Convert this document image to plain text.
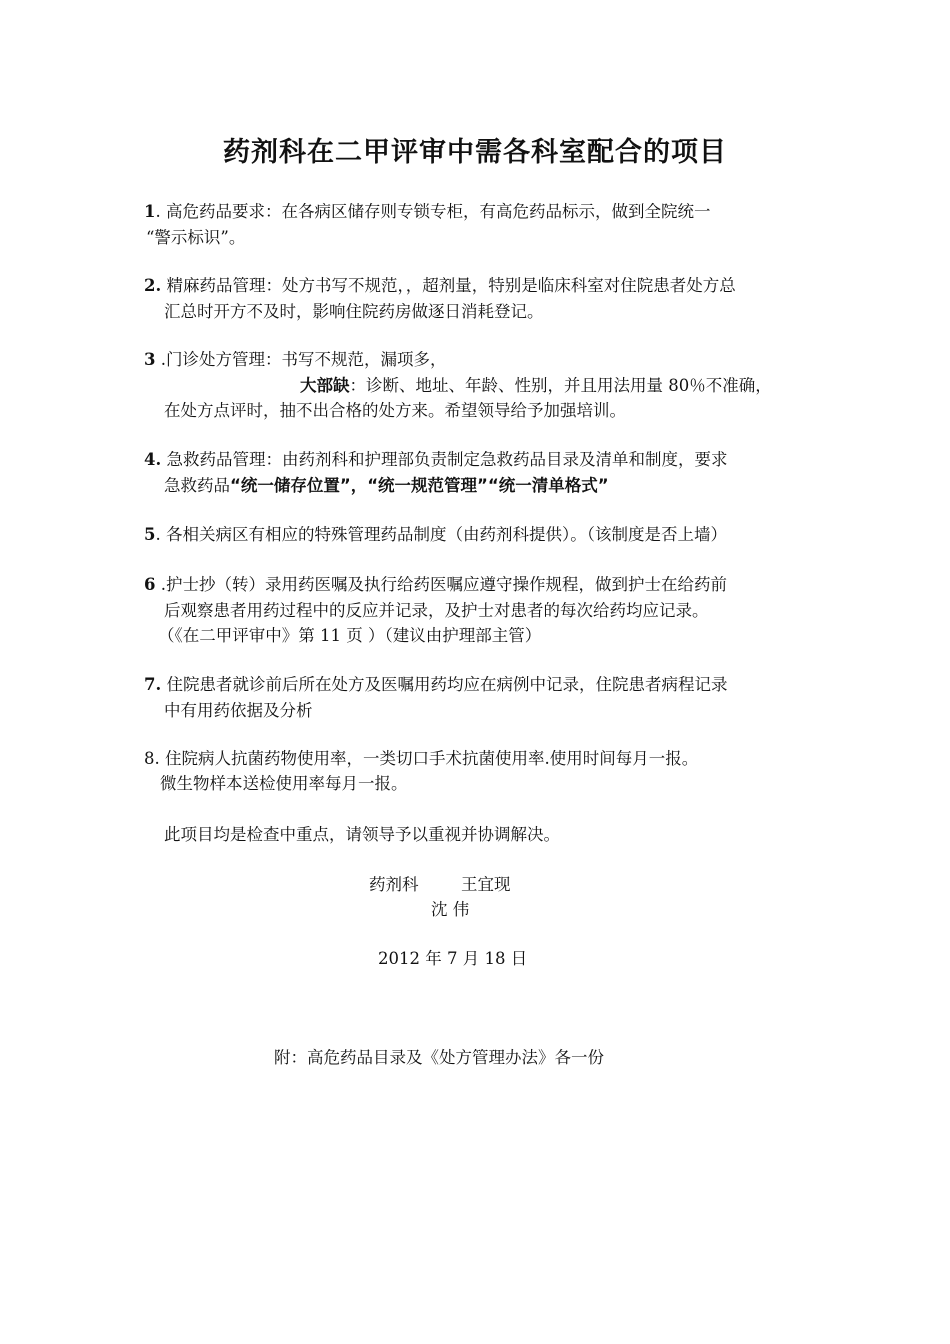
药剂科在二甲评审中需各科室配合的项目
1. 高危药品要求：在各病区储存则专锁专柜，有高危药品标示，做到全院统一
“警示标识”。
2. 精麻药品管理：处方书写不规范，，超剂量，特别是临床科室对住院患者处方总
汇总时开方不及时，影响住院药房做逐日消耗登记。
3 .门诊处方管理：书写不规范，漏项多，
大部缺：诊断、地址、年龄、性别，并且用法用量 80％不准确，
在处方点评时，抽不出合格的处方来。希望领导给予加强培训。
4. 急救药品管理：由药剂科和护理部负责制定急救药品目录及清单和制度，要求
急救药品“统一储存位置”，“统一规范管理”“统一清单格式”
5. 各相关病区有相应的特殊管理药品制度（由药剂科提供）。（该制度是否上墙）
6 .护士抄（转）录用药医嘱及执行给药医嘱应遵守操作规程，做到护士在给药前
后观察患者用药过程中的反应并记录，及护士对患者的每次给药均应记录。
（《在二甲评审中》第 11 页 ）（建议由护理部主管）
7. 住院患者就诊前后所在处方及医嘱用药均应在病例中记录，住院患者病程记录
中有用药依据及分析
8. 住院病人抗菌药物使用率，一类切口手术抗菌使用率.使用时间每月一报。
微生物样本送检使用率每月一报。
此项目均是检查中重点，请领导予以重视并协调解决。
药剂科	王宜现
沈 伟
2012 年 7 月 18 日
附：高危药品目录及《处方管理办法》各一份
